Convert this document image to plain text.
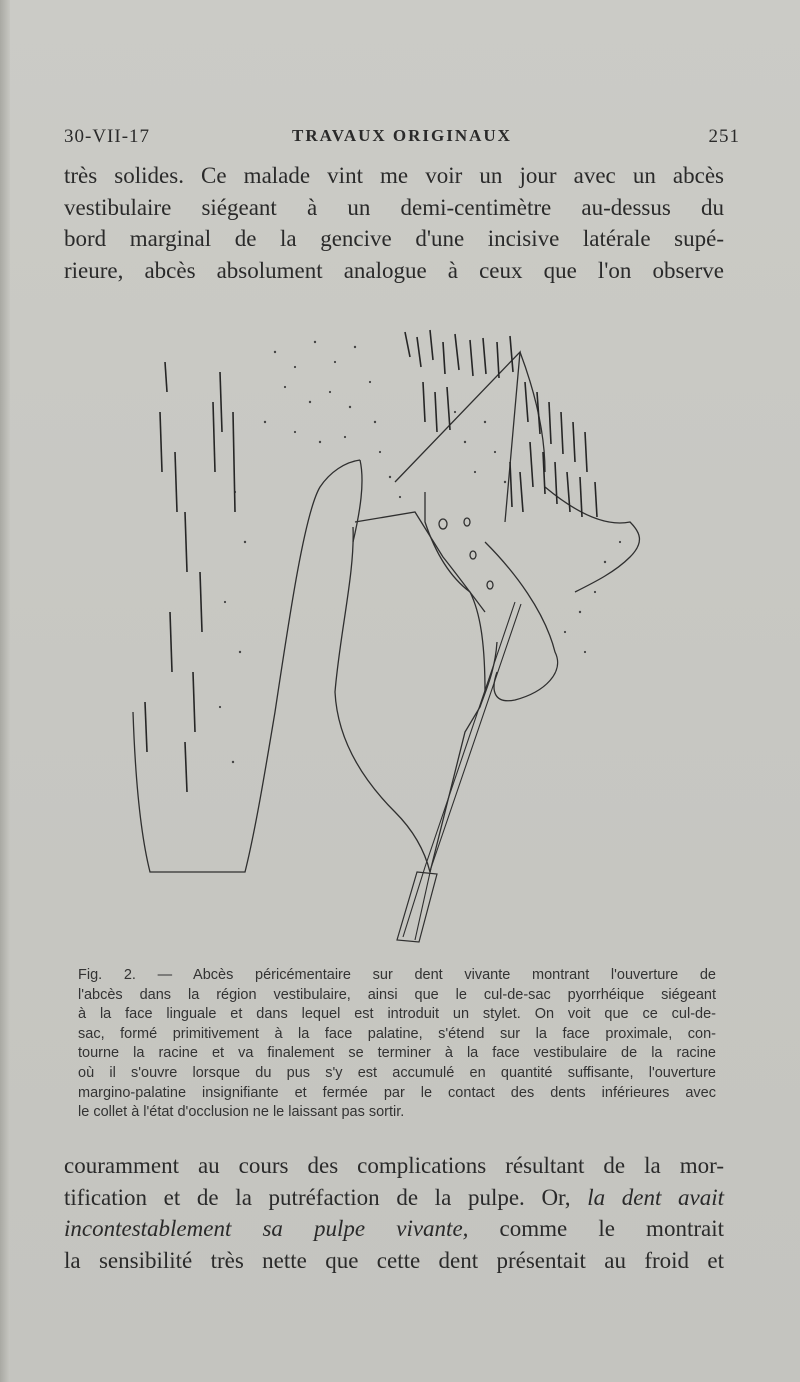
30-VII-17	TRAVAUX ORIGINAUX	251

très solides. Ce malade vint me voir un jour avec un abcès
vestibulaire siégeant à un demi-centimètre au-dessus du
bord marginal de la gencive d'une incisive latérale supé-
rieure, abcès absolument analogue à ceux que l'on observe

Fig. 2. — Abcès péricémentaire sur dent vivante montrant l'ouverture de
l'abcès dans la région vestibulaire, ainsi que le cul-de-sac pyorrhéique siégeant
à la face linguale et dans lequel est introduit un stylet. On voit que ce cul-de-
sac, formé primitivement à la face palatine, s'étend sur la face proximale, con-
tourne la racine et va finalement se terminer à la face vestibulaire de la racine
où il s'ouvre lorsque du pus s'y est accumulé en quantité suffisante, l'ouverture
margino-palatine insignifiante et fermée par le contact des dents inférieures avec
le collet à l'état d'occlusion ne le laissant pas sortir.

couramment au cours des complications résultant de la mor-
tification et de la putréfaction de la pulpe. Or, la dent avait
incontestablement sa pulpe vivante, comme le montrait
la sensibilité très nette que cette dent présentait au froid et
